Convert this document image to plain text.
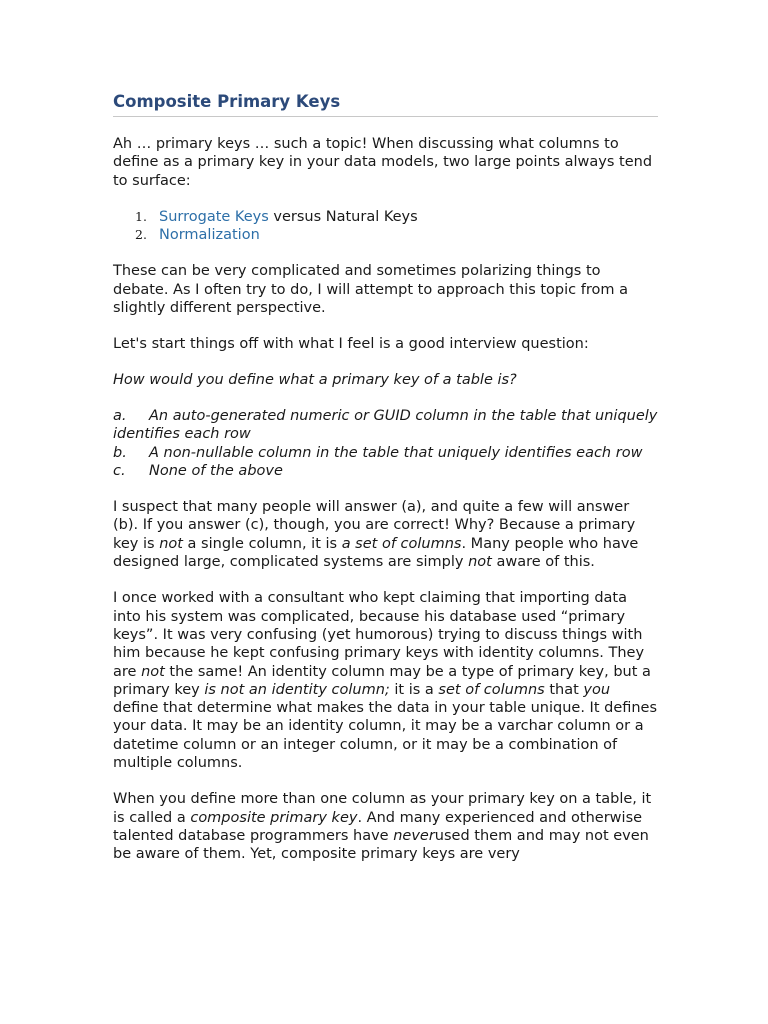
Composite Primary Keys

Ah … primary keys … such a topic! When discussing what columns to define as a primary key in your data models, two large points always tend to surface:

1. Surrogate Keys versus Natural Keys
2. Normalization

These can be very complicated and sometimes polarizing things to debate. As I often try to do, I will attempt to approach this topic from a slightly different perspective.

Let's start things off with what I feel is a good interview question:

How would you define what a primary key of a table is?

a. An auto-generated numeric or GUID column in the table that uniquely identifies each row

b. A non-nullable column in the table that uniquely identifies each row

c. None of the above

I suspect that many people will answer (a), and quite a few will answer (b). If you answer (c), though, you are correct! Why? Because a primary key is not a single column, it is a set of columns. Many people who have designed large, complicated systems are simply not aware of this.

I once worked with a consultant who kept claiming that importing data into his system was complicated, because his database used “primary keys”. It was very confusing (yet humorous) trying to discuss things with him because he kept confusing primary keys with identity columns. They are not the same! An identity column may be a type of primary key, but a primary key is not an identity column; it is a set of columns that you define that determine what makes the data in your table unique. It defines your data. It may be an identity column, it may be a varchar column or a datetime column or an integer column, or it may be a combination of multiple columns.

When you define more than one column as your primary key on a table, it is called a composite primary key. And many experienced and otherwise talented database programmers have neverused them and may not even be aware of them. Yet, composite primary keys are very
